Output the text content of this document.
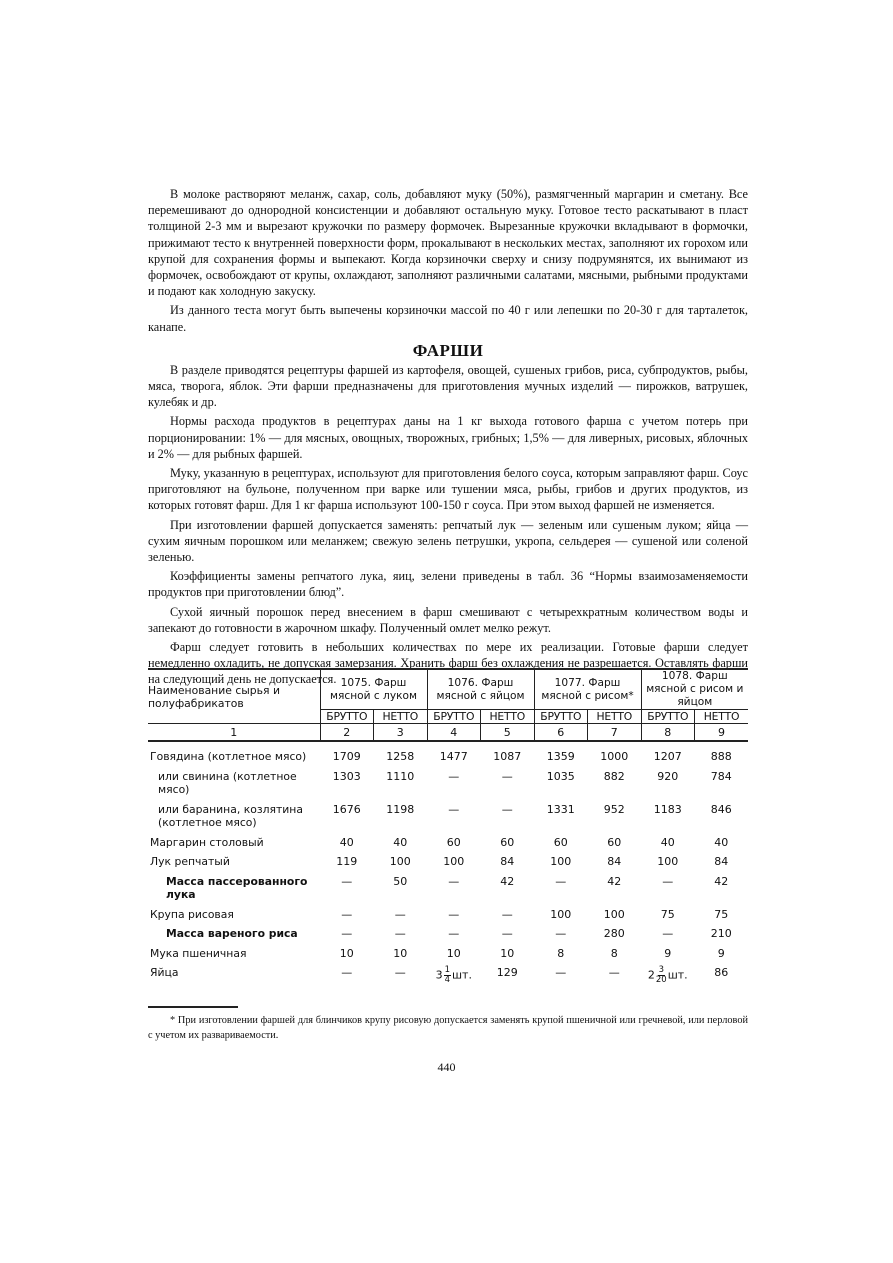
В молоке растворяют меланж, сахар, соль, добавляют муку (50%), размягченный маргарин и сметану. Все перемешивают до однородной консистенции и добавляют остальную муку. Готовое тесто раскатывают в пласт толщиной 2-3 мм и вырезают кружочки по размеру формочек. Вырезанные кружочки вкладывают в формочки, прижимают тесто к внутренней поверхности форм, прокалывают в нескольких местах, заполняют их горохом или крупой для сохранения формы и выпекают. Когда корзиночки сверху и снизу подрумянятся, их вынимают из формочек, освобождают от крупы, охлаждают, заполняют различными салатами, мясными, рыбными продуктами и подают как холодную закуску.

Из данного теста могут быть выпечены корзиночки массой по 40 г или лепешки по 20-30 г для тарталеток, канапе.

ФАРШИ

В разделе приводятся рецептуры фаршей из картофеля, овощей, сушеных грибов, риса, субпродуктов, рыбы, мяса, творога, яблок. Эти фарши предназначены для приготовления мучных изделий — пирожков, ватрушек, кулебяк и др.

Нормы расхода продуктов в рецептурах даны на 1 кг выхода готового фарша с учетом потерь при порционировании: 1% — для мясных, овощных, творожных, грибных; 1,5% — для ливерных, рисовых, яблочных и 2% — для рыбных фаршей.

Муку, указанную в рецептурах, используют для приготовления белого соуса, которым заправляют фарш. Соус приготовляют на бульоне, полученном при варке или тушении мяса, рыбы, грибов и других продуктов, из которых готовят фарш. Для 1 кг фарша используют 100-150 г соуса. При этом выход фаршей не изменяется.

При изготовлении фаршей допускается заменять: репчатый лук — зеленым или сушеным луком; яйца — сухим яичным порошком или меланжем; свежую зелень петрушки, укропа, сельдерея — сушеной или соленой зеленью.

Коэффициенты замены репчатого лука, яиц, зелени приведены в табл. 36 “Нормы взаимозаменяемости продуктов при приготовлении блюд”.

Сухой яичный порошок перед внесением в фарш смешивают с четырехкратным количеством воды и запекают до готовности в жарочном шкафу. Полученный омлет мелко режут.

Фарш следует готовить в небольших количествах по мере их реализации. Готовые фарши следует немедленно охладить, не допуская замерзания. Хранить фарш без охлаждения не разрешается. Оставлять фарши на следующий день не допускается.

Наименование сырья и полуфабрикатов	1075. Фарш мясной с луком		1076. Фарш мясной с яйцом		1077. Фарш мясной с рисом*		1078. Фарш мясной с рисом и яйцом	
	БРУТТО	НЕТТО	БРУТТО	НЕТТО	БРУТТО	НЕТТО	БРУТТО	НЕТТО
1	2	3	4	5	6	7	8	9
Говядина (котлетное мясо)	1709	1258	1477	1087	1359	1000	1207	888
или свинина (котлетное мясо)	1303	1110	—	—	1035	882	920	784
или баранина, козлятина (котлетное мясо)	1676	1198	—	—	1331	952	1183	846
Маргарин столовый	40	40	60	60	60	60	40	40
Лук репчатый	119	100	100	84	100	84	100	84
Масса пассерованного лука	—	50	—	42	—	42	—	42
Крупа рисовая	—	—	—	—	100	100	75	75
Масса вареного риса	—	—	—	—	—	280	—	210
Мука пшеничная	10	10	10	10	8	8	9	9
Яйца	—	—	$3 \frac{1}{4}$ шт.	129	—	—	$2 \frac{3}{20}$ шт.	86

* При изготовлении фаршей для блинчиков крупу рисовую допускается заменять крупой пшеничной или гречневой, или перловой с учетом их развариваемости.

440
